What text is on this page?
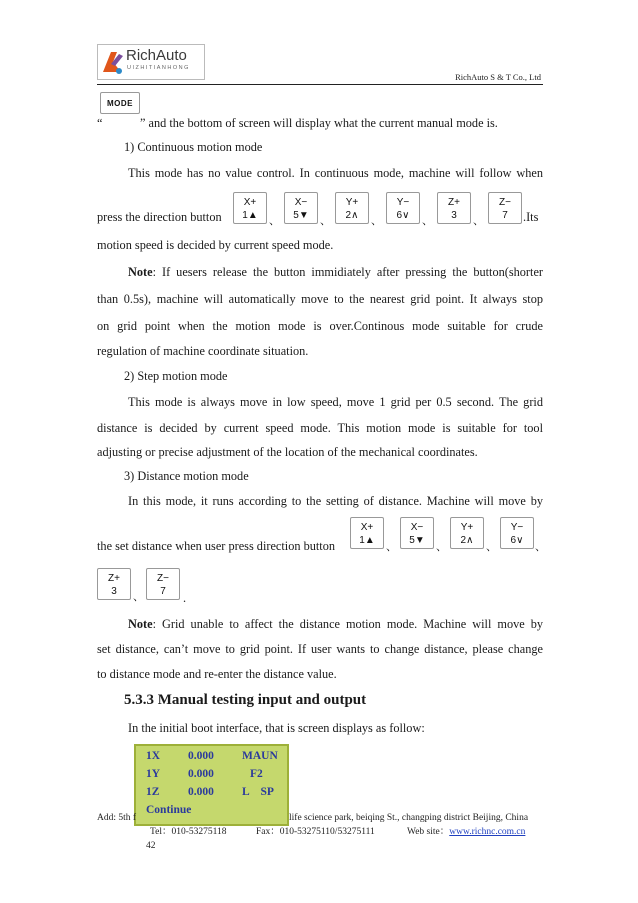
RichAuto
UIZHITIANHONG
RichAuto S & T Co., Ltd
MODE
“	” and the bottom of screen will display what the current manual mode is.
1) Continuous motion mode
This mode has no value control. In continuous mode, machine will follow when
press the direction button
X+
1▲	、
X−
5▼	、
Y+
2∧	、
Y−
6∨	、
Z+
3	、
Z−
7	.Its
motion speed is decided by current speed mode.
Note: If uesers release the button immidiately after pressing the button(shorter
than 0.5s), machine will automatically move to the nearest grid point. It always stop
on grid point when the motion mode is over.Continous mode suitable for crude
regulation of machine coordinate situation.
2) Step motion mode
This mode is always move in low speed, move 1 grid per 0.5 second. The grid
distance is decided by current speed mode. This motion mode is suitable for tool
adjusting or precise adjustment of the location of the mechanical coordinates.
3) Distance motion mode
In this mode, it runs according to the setting of distance. Machine will move by
the set distance when user press direction button
X+
1▲
、
X−
5▼
、
Y+
2∧
、
Y−
6∨
、
Z+
3	、
Z−
7	.
Note: Grid unable to affect the distance motion mode. Machine will move by
set distance, can’t move to grid point. If user wants to change distance, please change
to distance mode and re-enter the distance value.
5.3.3 Manual testing input and output
In the initial boot interface, that is screen displays as follow:
1X 0.000 MAUN
1Y 0.000	F2
1Z 0.000 L    SP
Continue
Add: 5th f	life science park, beiqing St., changping district Beijing, China
Tel：010-53275118	Fax：010-53275110/53275111	Web site：www.richnc.com.cn
42
